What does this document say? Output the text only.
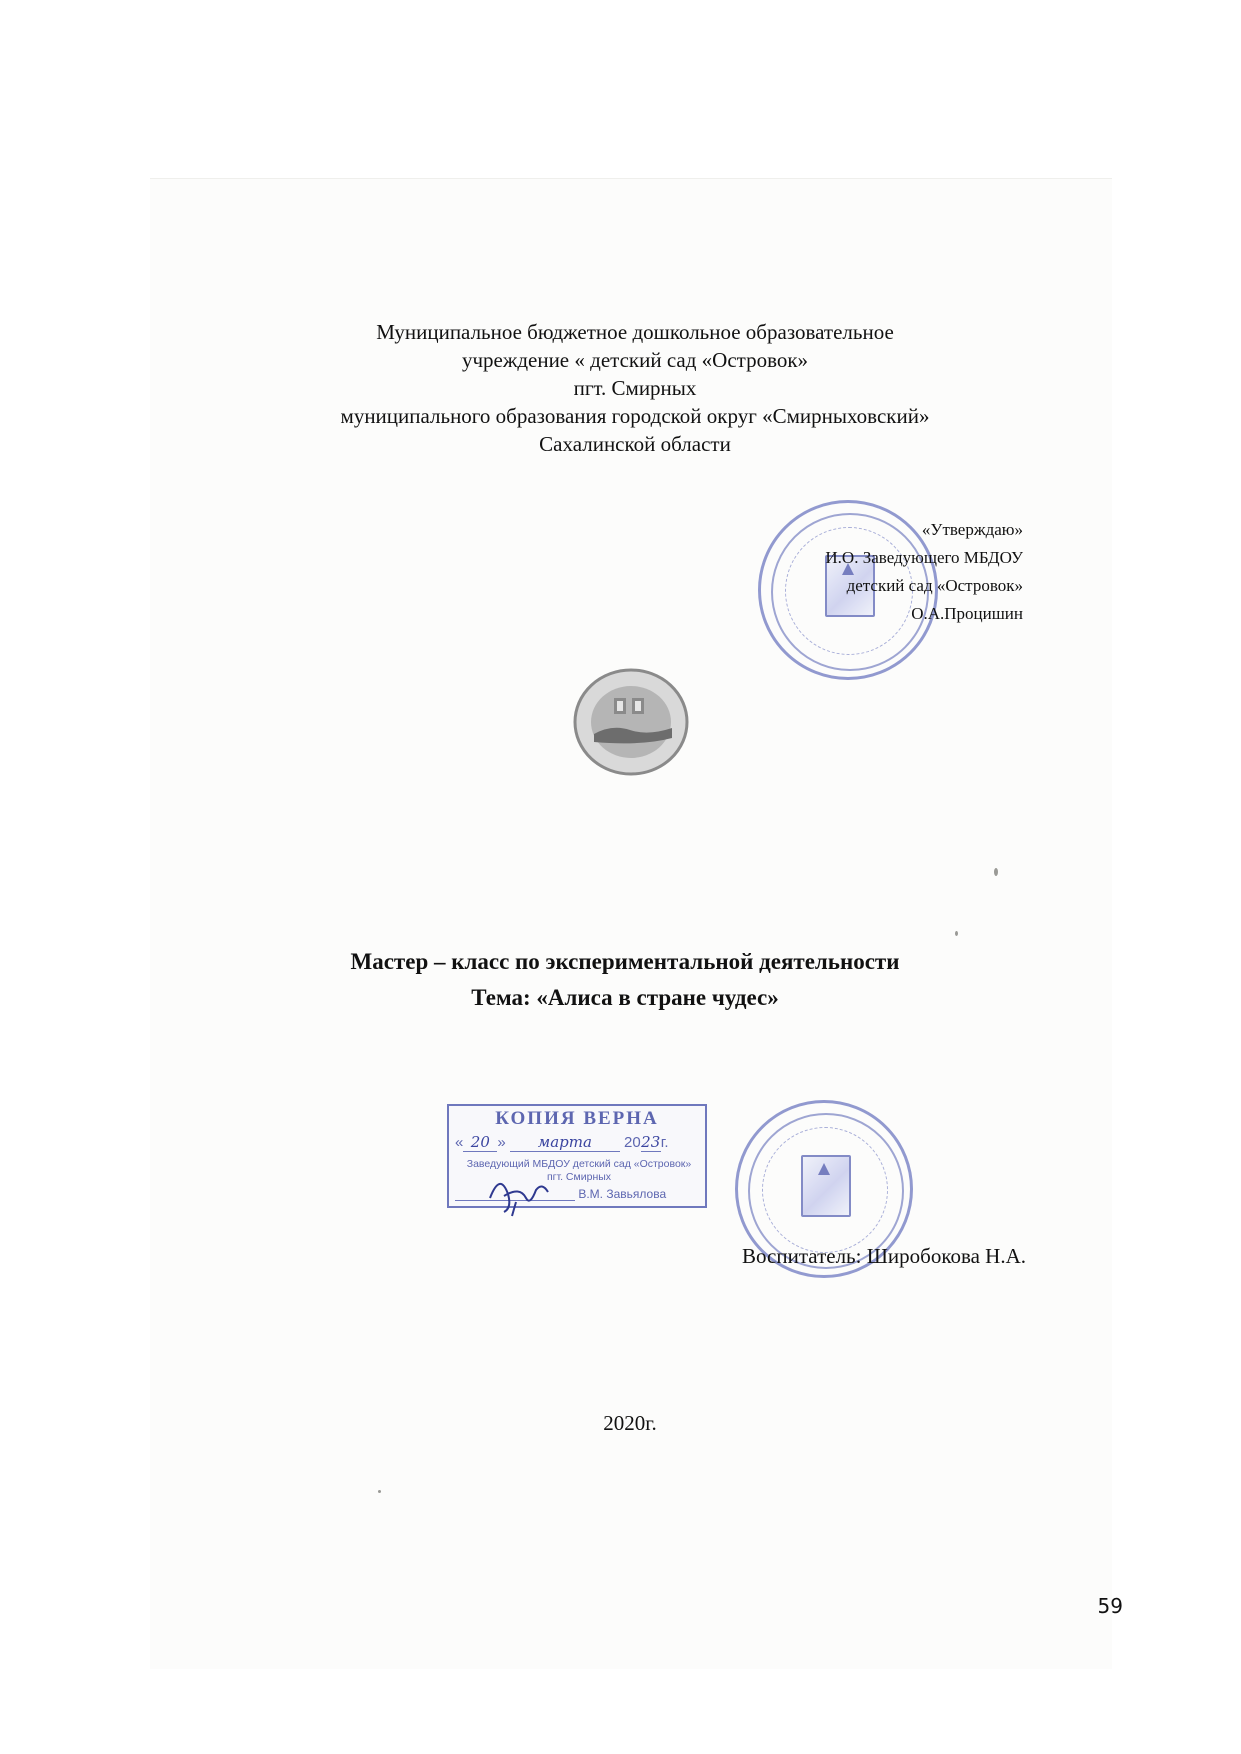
Муниципальное бюджетное дошкольное образовательное
учреждение « детский сад «Островок»
пгт. Смирных
муниципального образования городской округ «Смирныховский»
Сахалинской области
«Утверждаю»
И.О. Заведующего МБДОУ
детский сад «Островок»
О.А.Процишин
Мастер – класс по экспериментальной деятельности
Тема: «Алиса в стране чудес»
КОПИЯ ВЕРНА
« 20 » марта 2023г.
Заведующий МБДОУ детский сад «Островок»
пгт. Смирных
В.М. Завьялова
Воспитатель: Широбокова Н.А.
2020г.
59
